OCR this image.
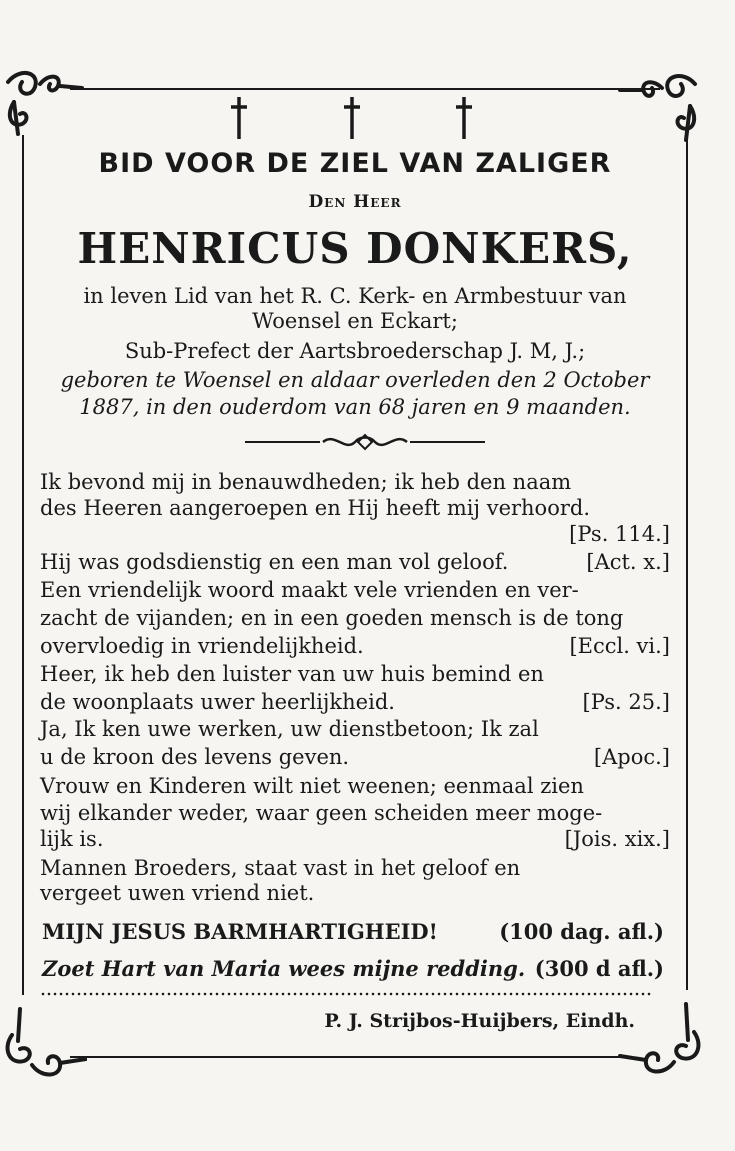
BID VOOR DE ZIEL VAN ZALIGER
Den Heer
HENRICUS DONKERS,
in leven Lid van het R. C. Kerk- en Armbestuur van
Woensel en Eckart;
Sub-Prefect der Aartsbroederschap J. M, J.;
geboren te Woensel en aldaar overleden den 2 October
1887, in den ouderdom van 68 jaren en 9 maanden.
Ik bevond mij in benauwdheden; ik heb den naam
des Heeren aangeroepen en Hij heeft mij verhoord.
[Ps. 114.]
Hij was godsdienstig en een man vol geloof.	[Act. x.]
Een vriendelijk woord maakt vele vrienden en ver-
zacht de vijanden; en in een goeden mensch is de tong
overvloedig in vriendelijkheid.	[Eccl. vi.]
Heer, ik heb den luister van uw huis bemind en
de woonplaats uwer heerlijkheid.	[Ps. 25.]
Ja, Ik ken uwe werken, uw dienstbetoon; Ik zal
u de kroon des levens geven.	[Apoc.]
Vrouw en Kinderen wilt niet weenen; eenmaal zien
wij elkander weder, waar geen scheiden meer moge-
lijk is.	[Jois. xix.]
Mannen Broeders, staat vast in het geloof en
vergeet uwen vriend niet.
MIJN JESUS BARMHARTIGHEID!	(100 dag. afl.)
Zoet Hart van Maria wees mijne redding. (300 d afl.)
P. J. Strijbos-Huijbers, Eindh.
